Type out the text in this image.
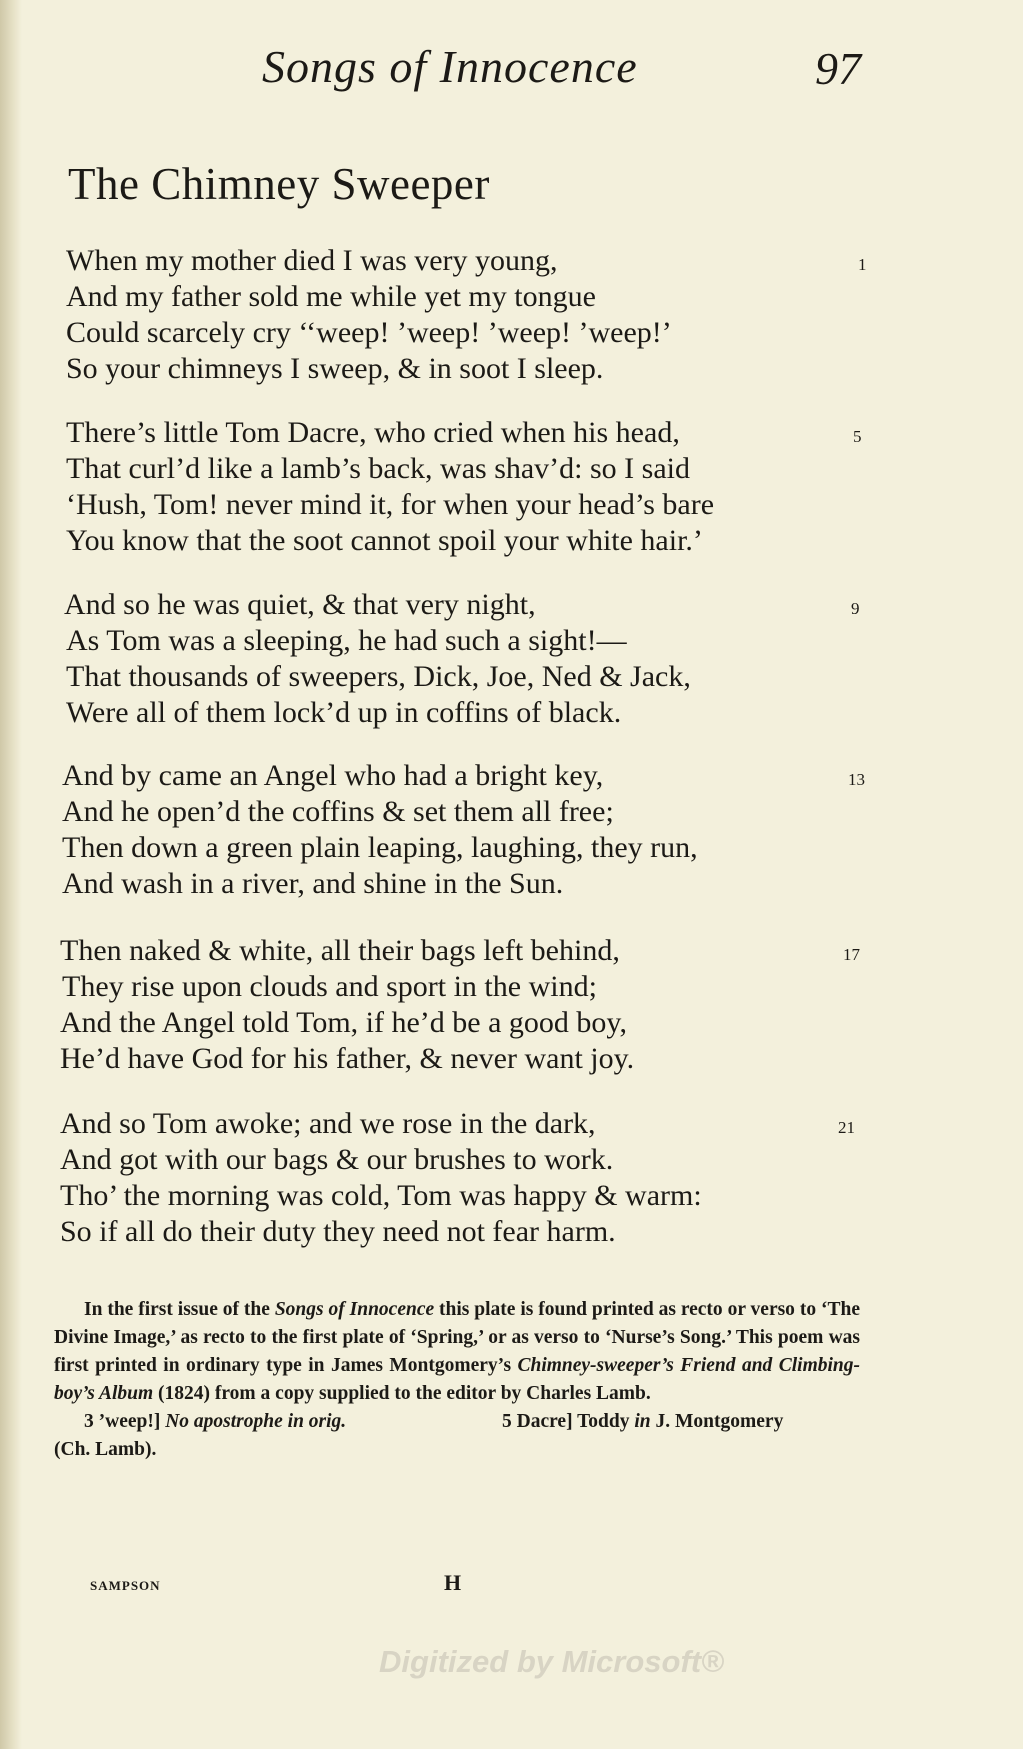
Songs of Innocence	97
The Chimney Sweeper
When my mother died I was very young,
And my father sold me while yet my tongue
Could scarcely cry ‘‘weep! ’weep! ’weep! ’weep!’
So your chimneys I sweep, & in soot I sleep.
1
There’s little Tom Dacre, who cried when his head,
That curl’d like a lamb’s back, was shav’d: so I said
‘Hush, Tom! never mind it, for when your head’s bare
You know that the soot cannot spoil your white hair.’
5
And so he was quiet, & that very night,
As Tom was a sleeping, he had such a sight!—
That thousands of sweepers, Dick, Joe, Ned & Jack,
Were all of them lock’d up in coffins of black.
9
And by came an Angel who had a bright key,
And he open’d the coffins & set them all free;
Then down a green plain leaping, laughing, they run,
And wash in a river, and shine in the Sun.
13
Then naked & white, all their bags left behind,
They rise upon clouds and sport in the wind;
And the Angel told Tom, if he’d be a good boy,
He’d have God for his father, & never want joy.
17
And so Tom awoke; and we rose in the dark,
And got with our bags & our brushes to work.
Tho’ the morning was cold, Tom was happy & warm:
So if all do their duty they need not fear harm.
21

In the first issue of the Songs of Innocence this plate is found printed as recto or verso to ‘The Divine Image,’ as recto to the first plate of ‘Spring,’ or as verso to ‘Nurse’s Song.’ This poem was first printed in ordinary type in James Montgomery’s Chimney-sweeper’s Friend and Climbing-boy’s Album (1824) from a copy supplied to the editor by Charles Lamb.

3 ’weep!] No apostrophe in orig.	5 Dacre] Toddy in J. Montgomery
(Ch. Lamb).
SAMPSON	H
Digitized by Microsoft®
